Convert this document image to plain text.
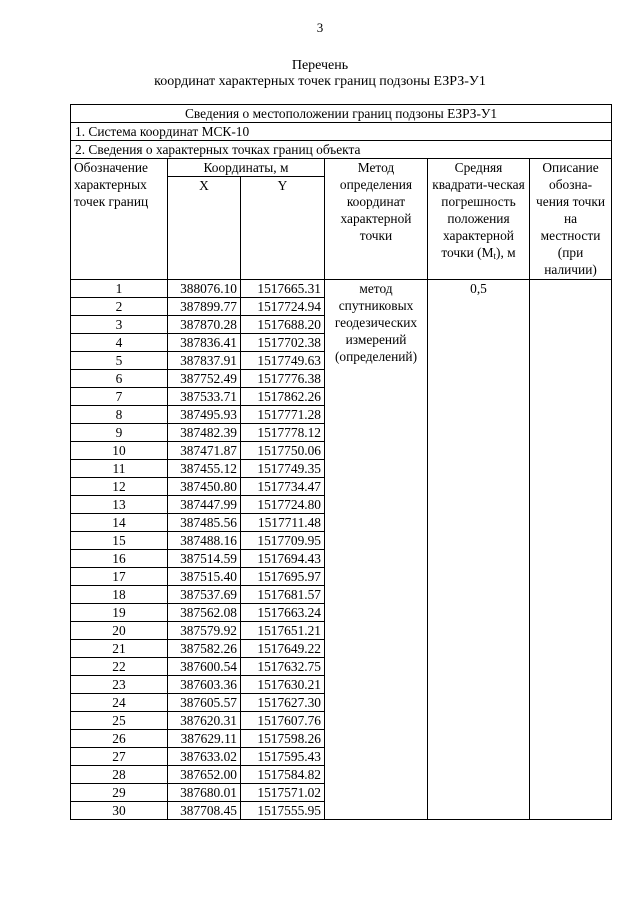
3
Перечень
координат характерных точек границ подзоны ЕЗРЗ-У1
Сведения о местоположении границ подзоны ЕЗРЗ-У1					
1. Система координат МСК-10					
2. Сведения о характерных точках границ объекта					
Обозначение характерных точек границ	Координаты, м		Метод определения координат характерной точки	Средняя квадрати-ческая погрешность положения характерной точки $(M_t)$, м	Описание обозна-чения точки на местности (при наличии)
	X	Y			
1	388076.10	1517665.31	метод спутниковых геодезических измерений (определений)	0,5	
2	387899.77	1517724.94			
3	387870.28	1517688.20			
4	387836.41	1517702.38			
5	387837.91	1517749.63			
6	387752.49	1517776.38			
7	387533.71	1517862.26			
8	387495.93	1517771.28			
9	387482.39	1517778.12			
10	387471.87	1517750.06			
11	387455.12	1517749.35			
12	387450.80	1517734.47			
13	387447.99	1517724.80			
14	387485.56	1517711.48			
15	387488.16	1517709.95			
16	387514.59	1517694.43			
17	387515.40	1517695.97			
18	387537.69	1517681.57			
19	387562.08	1517663.24			
20	387579.92	1517651.21			
21	387582.26	1517649.22			
22	387600.54	1517632.75			
23	387603.36	1517630.21			
24	387605.57	1517627.30			
25	387620.31	1517607.76			
26	387629.11	1517598.26			
27	387633.02	1517595.43			
28	387652.00	1517584.82			
29	387680.01	1517571.02			
30	387708.45	1517555.95			
